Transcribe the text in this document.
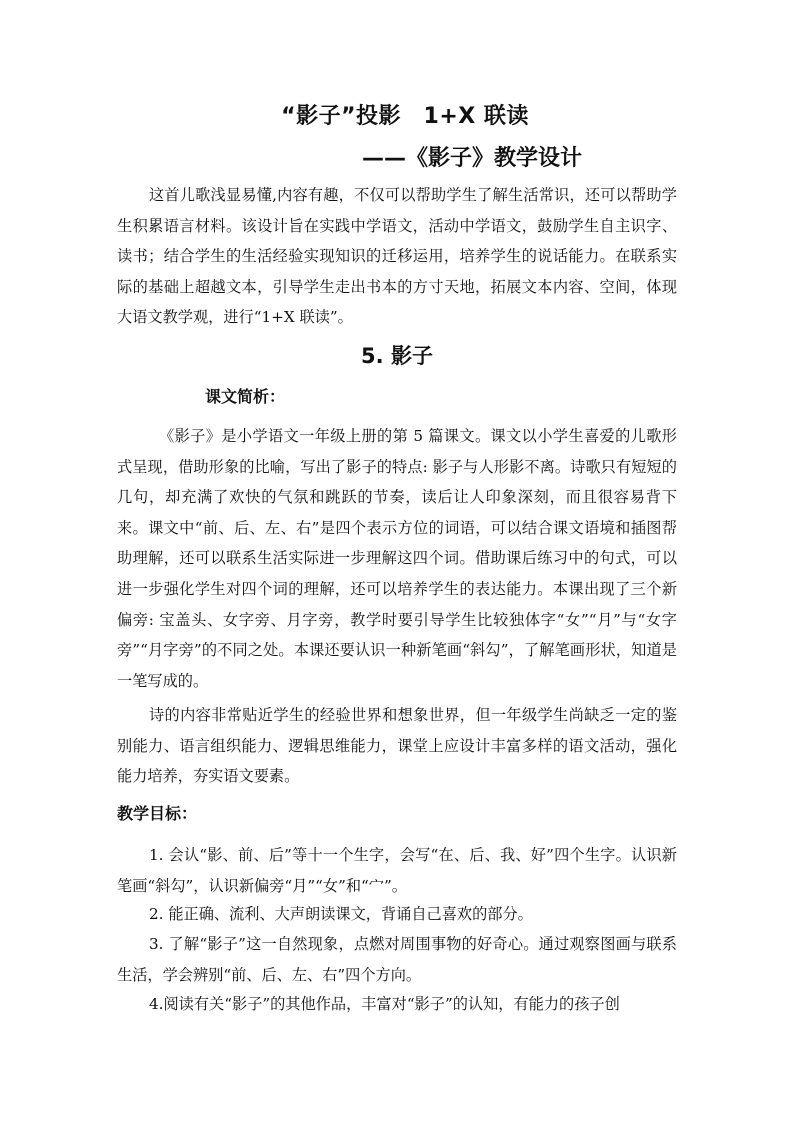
“影子”投影　1+X 联读
——《影子》教学设计

这首儿歌浅显易懂,内容有趣，不仅可以帮助学生了解生活常识，还可以帮助学生积累语言材料。该设计旨在实践中学语文，活动中学语文，鼓励学生自主识字、读书；结合学生的生活经验实现知识的迁移运用，培养学生的说话能力。在联系实际的基础上超越文本，引导学生走出书本的方寸天地，拓展文本内容、空间，体现大语文教学观，进行“1+X 联读”。

5. 影子
课文简析：

《影子》是小学语文一年级上册的第 5 篇课文。课文以小学生喜爱的儿歌形式呈现，借助形象的比喻，写出了影子的特点: 影子与人形影不离。诗歌只有短短的几句，却充满了欢快的气氛和跳跃的节奏，读后让人印象深刻，而且很容易背下来。课文中“前、后、左、右”是四个表示方位的词语，可以结合课文语境和插图帮助理解，还可以联系生活实际进一步理解这四个词。借助课后练习中的句式，可以进一步强化学生对四个词的理解，还可以培养学生的表达能力。本课出现了三个新偏旁: 宝盖头、女字旁、月字旁，教学时要引导学生比较独体字“女”“月”与“女字旁”“月字旁”的不同之处。本课还要认识一种新笔画“斜勾”，了解笔画形状，知道是一笔写成的。

诗的内容非常贴近学生的经验世界和想象世界，但一年级学生尚缺乏一定的鉴别能力、语言组织能力、逻辑思维能力，课堂上应设计丰富多样的语文活动，强化能力培养，夯实语文要素。

教学目标：

1. 会认“影、前、后”等十一个生字，会写“在、后、我、好”四个生字。认识新笔画“斜勾”，认识新偏旁“月”“女”和“宀”。

2. 能正确、流利、大声朗读课文，背诵自己喜欢的部分。

3. 了解“影子”这一自然现象，点燃对周围事物的好奇心。通过观察图画与联系生活，学会辨别“前、后、左、右”四个方向。

4.阅读有关“影子”的其他作品，丰富对“影子”的认知，有能力的孩子创
